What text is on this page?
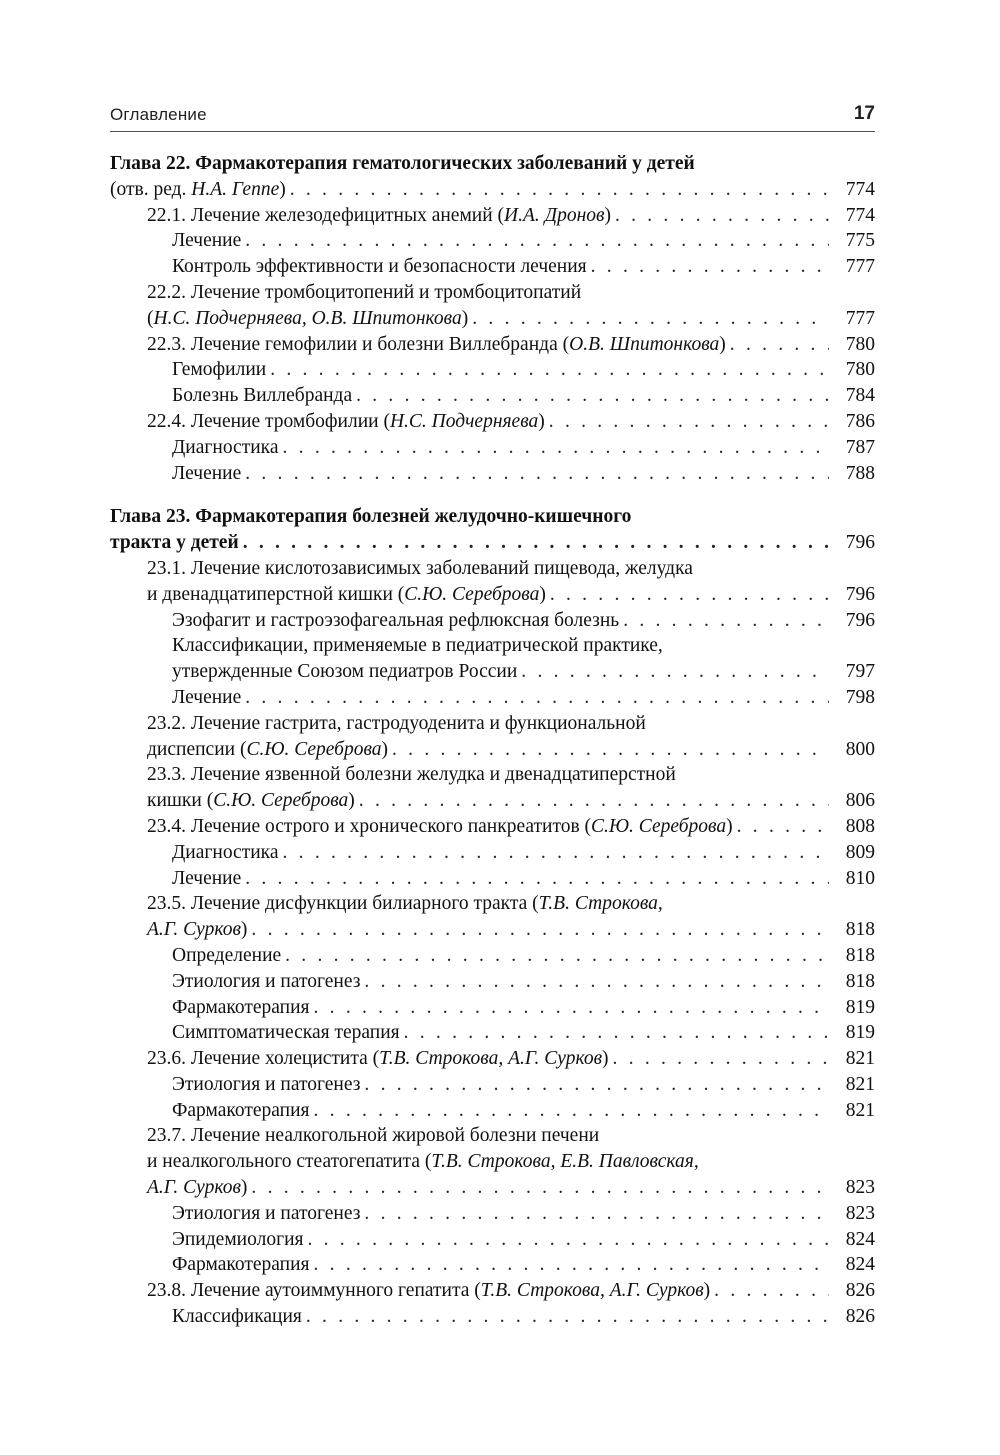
Оглавление	17
Глава 22. Фармакотерапия гематологических заболеваний у детей
(отв. ред. Н.А. Геппе) . . .	774
22.1. Лечение железодефицитных анемий (И.А. Дронов) . . .	774
Лечение . . .	775
Контроль эффективности и безопасности лечения . . .	777
22.2. Лечение тромбоцитопений и тромбоцитопатий
(Н.С. Подчерняева, О.В. Шпитонкова) . . .	777
22.3. Лечение гемофилии и болезни Виллебранда (О.В. Шпитонкова) . . .	780
Гемофилии . . .	780
Болезнь Виллебранда . . .	784
22.4. Лечение тромбофилии (Н.С. Подчерняева) . . .	786
Диагностика . . .	787
Лечение . . .	788
Глава 23. Фармакотерапия болезней желудочно-кишечного
тракта у детей . . .	796
23.1. Лечение кислотозависимых заболеваний пищевода, желудка
и двенадцатиперстной кишки (С.Ю. Сереброва) . . .	796
Эзофагит и гастроэзофагеальная рефлюксная болезнь . . .	796
Классификации, применяемые в педиатрической практике,
утвержденные Союзом педиатров России . . .	797
Лечение . . .	798
23.2. Лечение гастрита, гастродуоденита и функциональной
диспепсии (С.Ю. Сереброва) . . .	800
23.3. Лечение язвенной болезни желудка и двенадцатиперстной
кишки (С.Ю. Сереброва) . . .	806
23.4. Лечение острого и хронического панкреатитов (С.Ю. Сереброва) . . .	808
Диагностика . . .	809
Лечение . . .	810
23.5. Лечение дисфункции билиарного тракта (Т.В. Строкова,
А.Г. Сурков) . . .	818
Определение . . .	818
Этиология и патогенез . . .	818
Фармакотерапия . . .	819
Симптоматическая терапия . . .	819
23.6. Лечение холецистита (Т.В. Строкова, А.Г. Сурков) . . .	821
Этиология и патогенез . . .	821
Фармакотерапия . . .	821
23.7. Лечение неалкогольной жировой болезни печени
и неалкогольного стеатогепатита (Т.В. Строкова, Е.В. Павловская,
А.Г. Сурков) . . .	823
Этиология и патогенез . . .	823
Эпидемиология . . .	824
Фармакотерапия . . .	824
23.8. Лечение аутоиммунного гепатита (Т.В. Строкова, А.Г. Сурков) . . .	826
Классификация . . .	826
